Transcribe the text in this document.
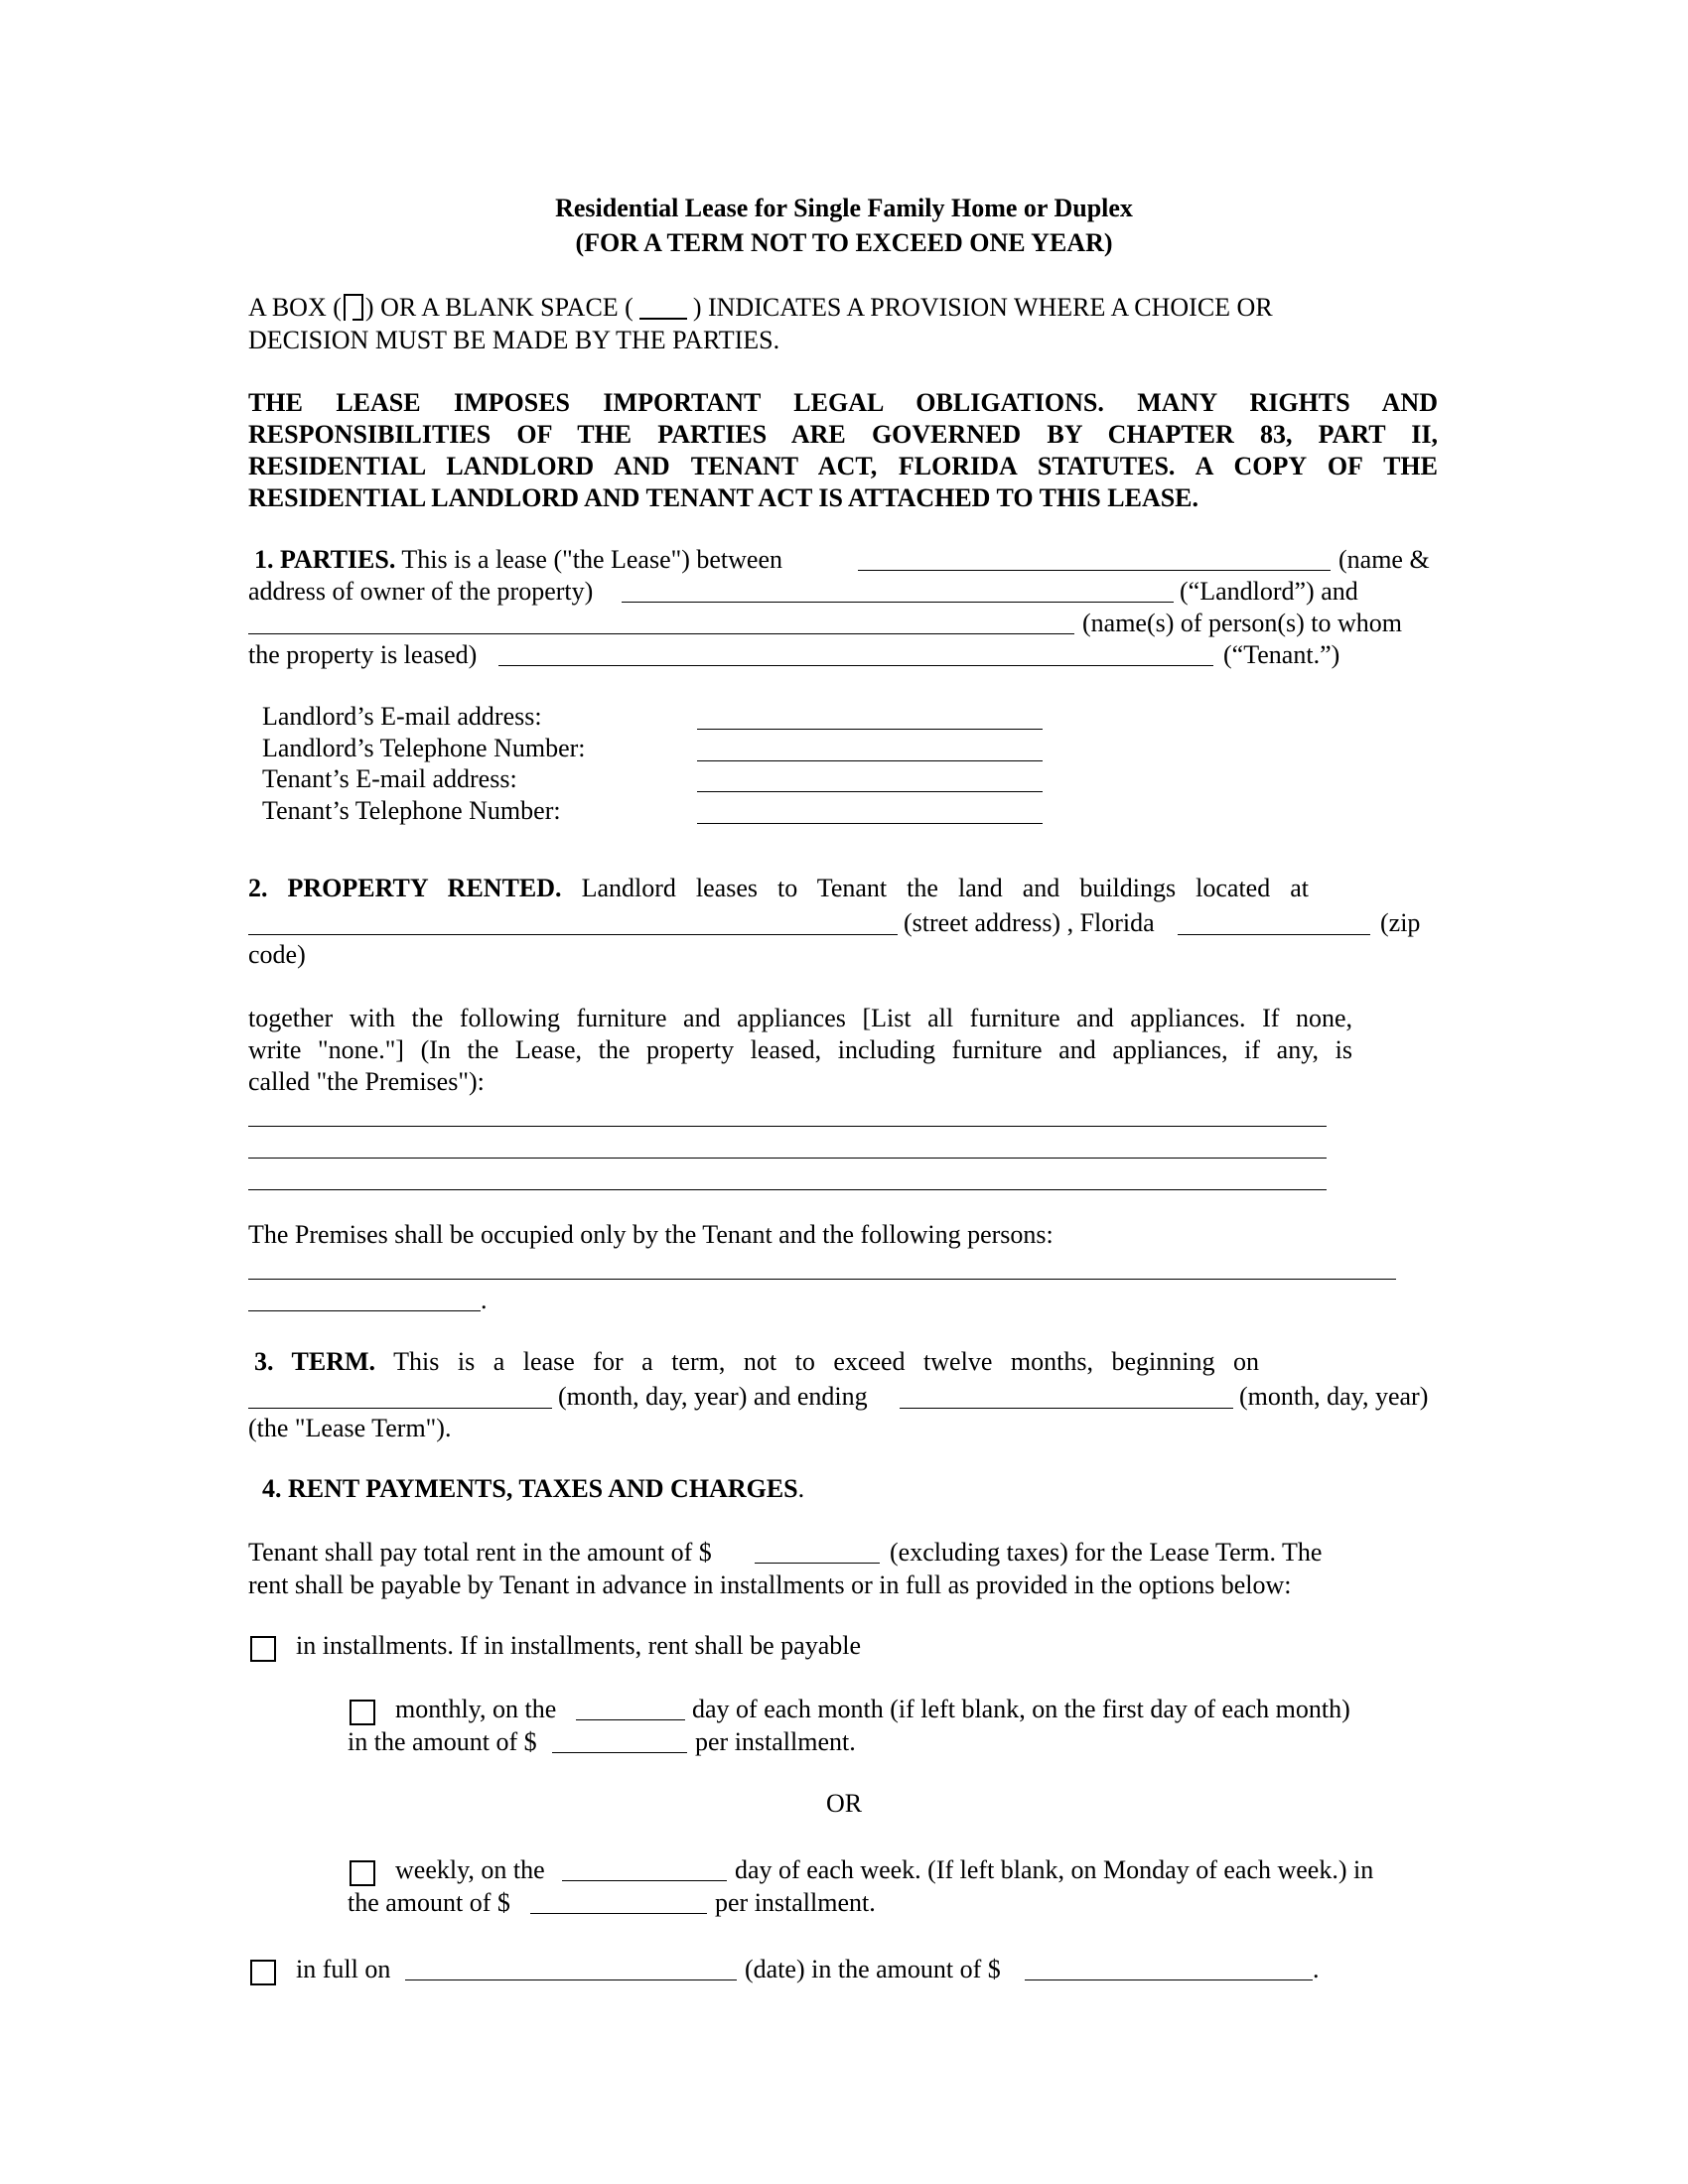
Residential Lease for Single Family Home or Duplex
(FOR A TERM NOT TO EXCEED ONE YEAR)
A BOX ( ) OR A BLANK SPACE ( ) INDICATES A PROVISION WHERE A CHOICE OR
DECISION MUST BE MADE BY THE PARTIES.
THE LEASE IMPOSES IMPORTANT LEGAL OBLIGATIONS. MANY RIGHTS AND
RESPONSIBILITIES OF THE PARTIES ARE GOVERNED BY CHAPTER 83, PART II,
RESIDENTIAL LANDLORD AND TENANT ACT, FLORIDA STATUTES. A COPY OF THE
RESIDENTIAL LANDLORD AND TENANT ACT IS ATTACHED TO THIS LEASE.
1. PARTIES. This is a lease ("the Lease") between	(name &
address of owner of the property)	(“Landlord”) and
(name(s) of person(s) to whom
the property is leased)	(“Tenant.”)
Landlord’s E-mail address:
Landlord’s Telephone Number:
Tenant’s E-mail address:
Tenant’s Telephone Number:
2. PROPERTY RENTED. Landlord leases to Tenant the land and buildings located at
(street address) , Florida	(zip
code)
together with the following furniture and appliances [List all furniture and appliances. If none,
write "none."] (In the Lease, the property leased, including furniture and appliances, if any, is
called "the Premises"):
The Premises shall be occupied only by the Tenant and the following persons:
.
3. TERM. This is a lease for a term, not to exceed twelve months, beginning on
(month, day, year) and ending	(month, day, year)
(the "Lease Term").
4. RENT PAYMENTS, TAXES AND CHARGES.
Tenant shall pay total rent in the amount of $	(excluding taxes) for the Lease Term. The
rent shall be payable by Tenant in advance in installments or in full as provided in the options below:
in installments. If in installments, rent shall be payable
monthly, on the	day of each month (if left blank, on the first day of each month)
in the amount of $	per installment.
OR
weekly, on the	day of each week. (If left blank, on Monday of each week.) in
the amount of $	per installment.
in full on	(date) in the amount of $	.
